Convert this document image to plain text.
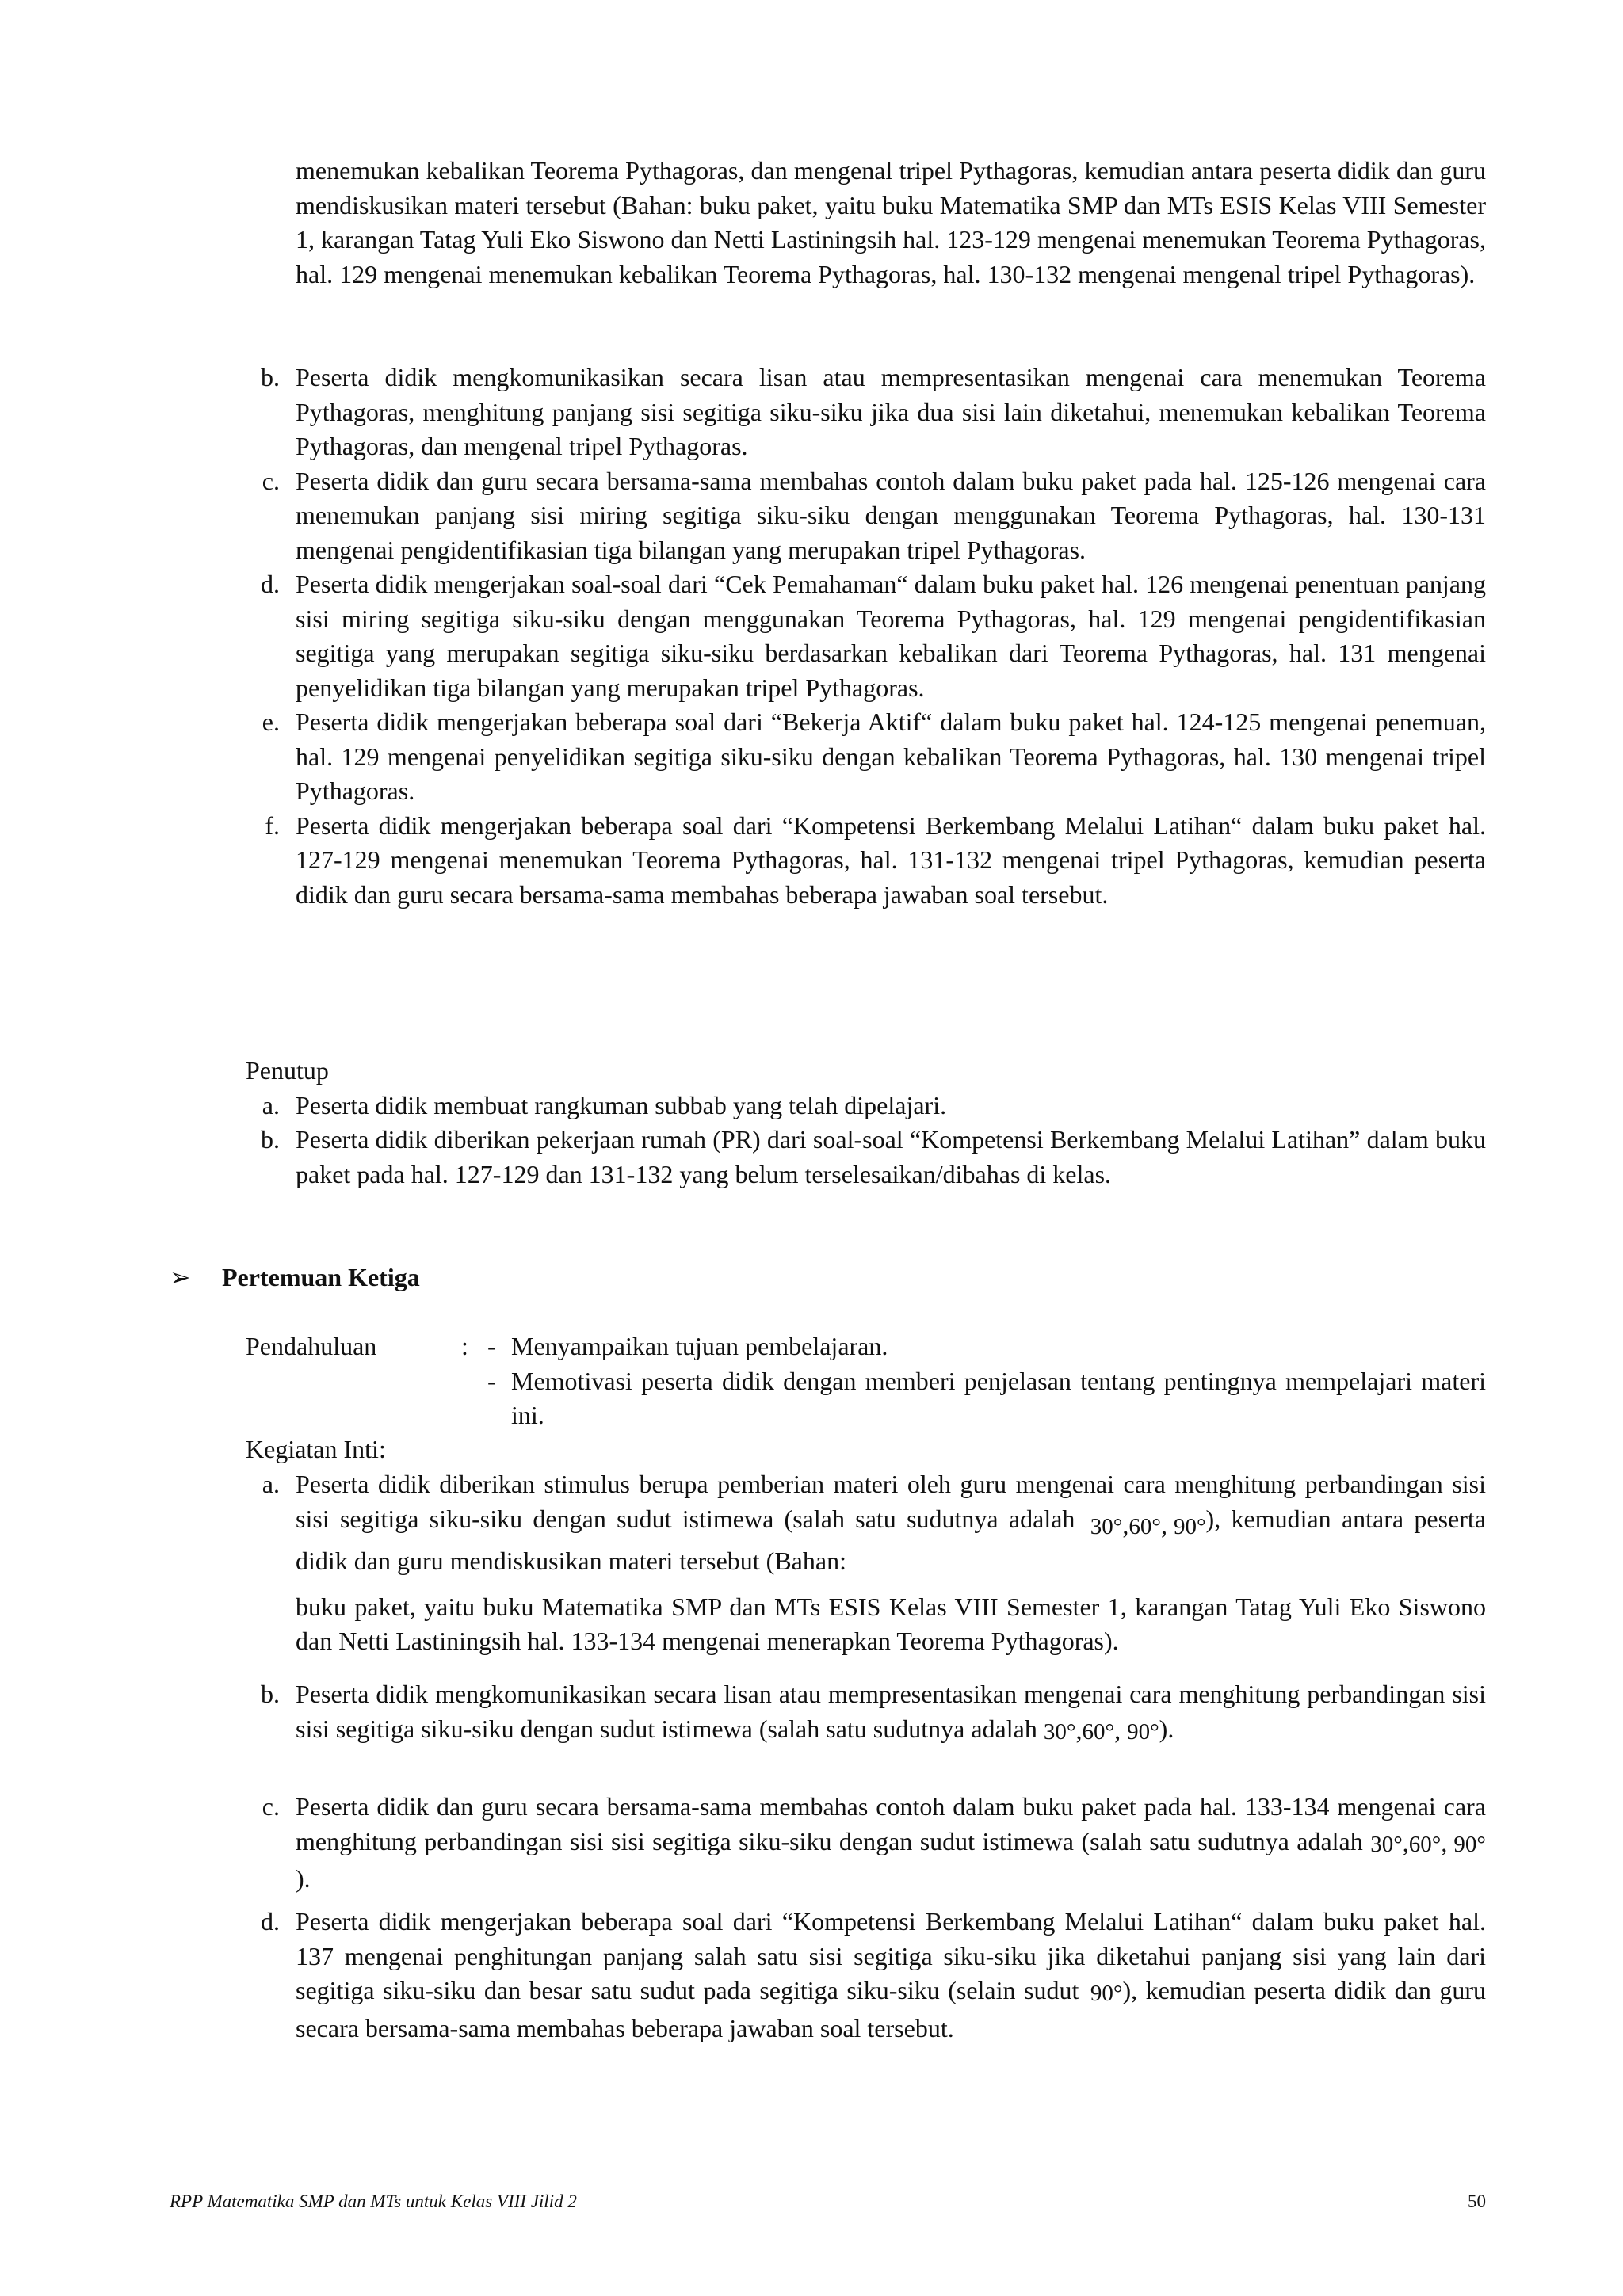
menemukan kebalikan Teorema Pythagoras, dan mengenal tripel Pythagoras, kemudian antara peserta didik dan guru mendiskusikan materi tersebut (Bahan: buku paket, yaitu buku Matematika SMP dan MTs ESIS Kelas VIII Semester 1, karangan Tatag Yuli Eko Siswono dan Netti Lastiningsih hal. 123-129 mengenai menemukan Teorema Pythagoras, hal. 129 mengenai menemukan kebalikan Teorema Pythagoras, hal. 130-132 mengenai mengenal tripel Pythagoras).

b. Peserta didik mengkomunikasikan secara lisan atau mempresentasikan mengenai cara menemukan Teorema Pythagoras, menghitung panjang sisi segitiga siku-siku jika dua sisi lain diketahui, menemukan kebalikan Teorema Pythagoras, dan mengenal tripel Pythagoras.
c. Peserta didik dan guru secara bersama-sama membahas contoh dalam buku paket pada hal. 125-126 mengenai cara menemukan panjang sisi miring segitiga siku-siku dengan menggunakan Teorema Pythagoras, hal. 130-131 mengenai pengidentifikasian tiga bilangan yang merupakan tripel Pythagoras.
d. Peserta didik mengerjakan soal-soal dari “Cek Pemahaman“ dalam buku paket hal. 126 mengenai penentuan panjang sisi miring segitiga siku-siku dengan menggunakan Teorema Pythagoras, hal. 129 mengenai pengidentifikasian segitiga yang merupakan segitiga siku-siku berdasarkan kebalikan dari Teorema Pythagoras, hal. 131 mengenai penyelidikan tiga bilangan yang merupakan tripel Pythagoras.
e. Peserta didik mengerjakan beberapa soal dari “Bekerja Aktif“ dalam buku paket hal. 124-125 mengenai penemuan, hal. 129 mengenai penyelidikan segitiga siku-siku dengan kebalikan Teorema Pythagoras, hal. 130 mengenai tripel Pythagoras.
f. Peserta didik mengerjakan beberapa soal dari “Kompetensi Berkembang Melalui Latihan“ dalam buku paket hal. 127-129 mengenai menemukan Teorema Pythagoras, hal. 131-132 mengenai tripel Pythagoras, kemudian peserta didik dan guru secara bersama-sama membahas beberapa jawaban soal tersebut.
Penutup
a. Peserta didik membuat rangkuman subbab yang telah dipelajari.
b. Peserta didik diberikan pekerjaan rumah (PR) dari soal-soal “Kompetensi Berkembang Melalui Latihan” dalam buku paket pada hal. 127-129 dan 131-132 yang belum terselesaikan/dibahas di kelas.
➢	Pertemuan Ketiga
Pendahuluan	: - Menyampaikan tujuan pembelajaran.
- Memotivasi peserta didik dengan memberi penjelasan tentang pentingnya mempelajari materi ini.
Kegiatan Inti:
a. Peserta didik diberikan stimulus berupa pemberian materi oleh guru mengenai cara menghitung perbandingan sisi sisi segitiga siku-siku dengan sudut istimewa (salah satu sudutnya adalah 30°,60°, 90°), kemudian antara peserta didik dan guru mendiskusikan materi tersebut (Bahan:
buku paket, yaitu buku Matematika SMP dan MTs ESIS Kelas VIII Semester 1, karangan Tatag Yuli Eko Siswono dan Netti Lastiningsih hal. 133-134 mengenai menerapkan Teorema Pythagoras).
b. Peserta didik mengkomunikasikan secara lisan atau mempresentasikan mengenai cara menghitung perbandingan sisi sisi segitiga siku-siku dengan sudut istimewa (salah satu sudutnya adalah 30°,60°, 90°).
c. Peserta didik dan guru secara bersama-sama membahas contoh dalam buku paket pada hal. 133-134 mengenai cara menghitung perbandingan sisi sisi segitiga siku-siku dengan sudut istimewa (salah satu sudutnya adalah 30°,60°, 90°).
d. Peserta didik mengerjakan beberapa soal dari “Kompetensi Berkembang Melalui Latihan“ dalam buku paket hal. 137 mengenai penghitungan panjang salah satu sisi segitiga siku-siku jika diketahui panjang sisi yang lain dari segitiga siku-siku dan besar satu sudut pada segitiga siku-siku (selain sudut 90°), kemudian peserta didik dan guru secara bersama-sama membahas beberapa jawaban soal tersebut.
RPP Matematika SMP dan MTs untuk Kelas VIII Jilid 2	50
